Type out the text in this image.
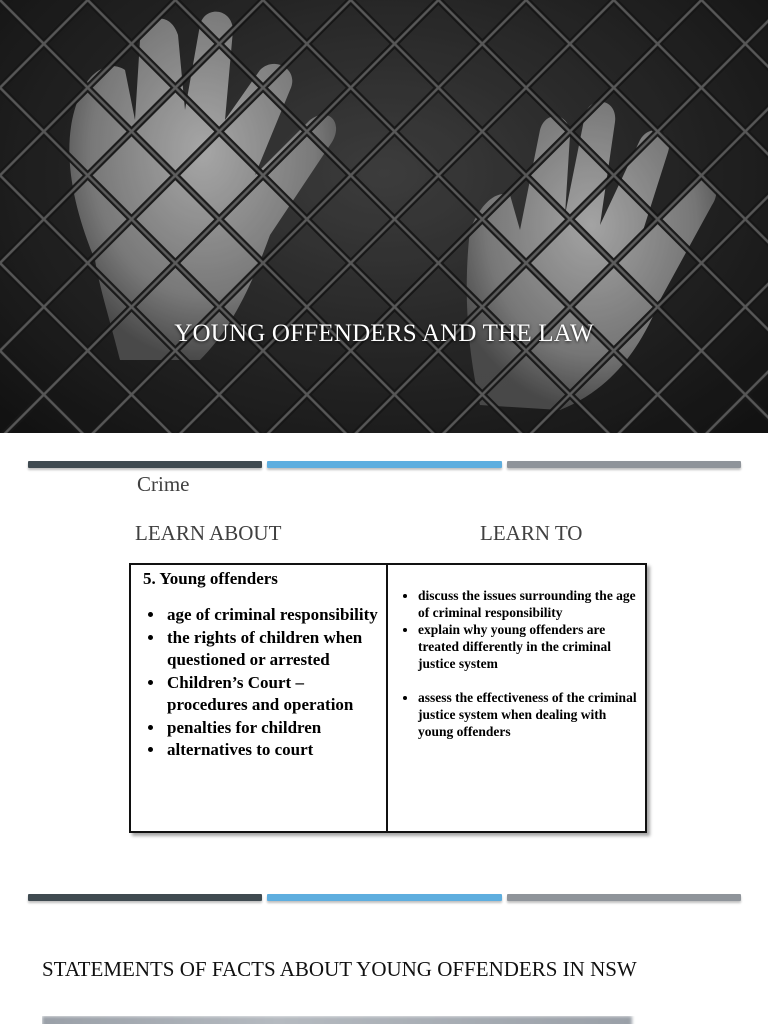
YOUNG OFFENDERS AND THE LAW
Crime
LEARN ABOUT	LEARN TO
5. Young offenders
• age of criminal responsibility
• the rights of children when questioned or arrested
• Children’s Court – procedures and operation
• penalties for children
• alternatives to court
• discuss the issues surrounding the age of criminal responsibility
• explain why young offenders are treated differently in the criminal justice system
• assess the effectiveness of the criminal justice system when dealing with young offenders
STATEMENTS OF FACTS ABOUT YOUNG OFFENDERS IN NSW
